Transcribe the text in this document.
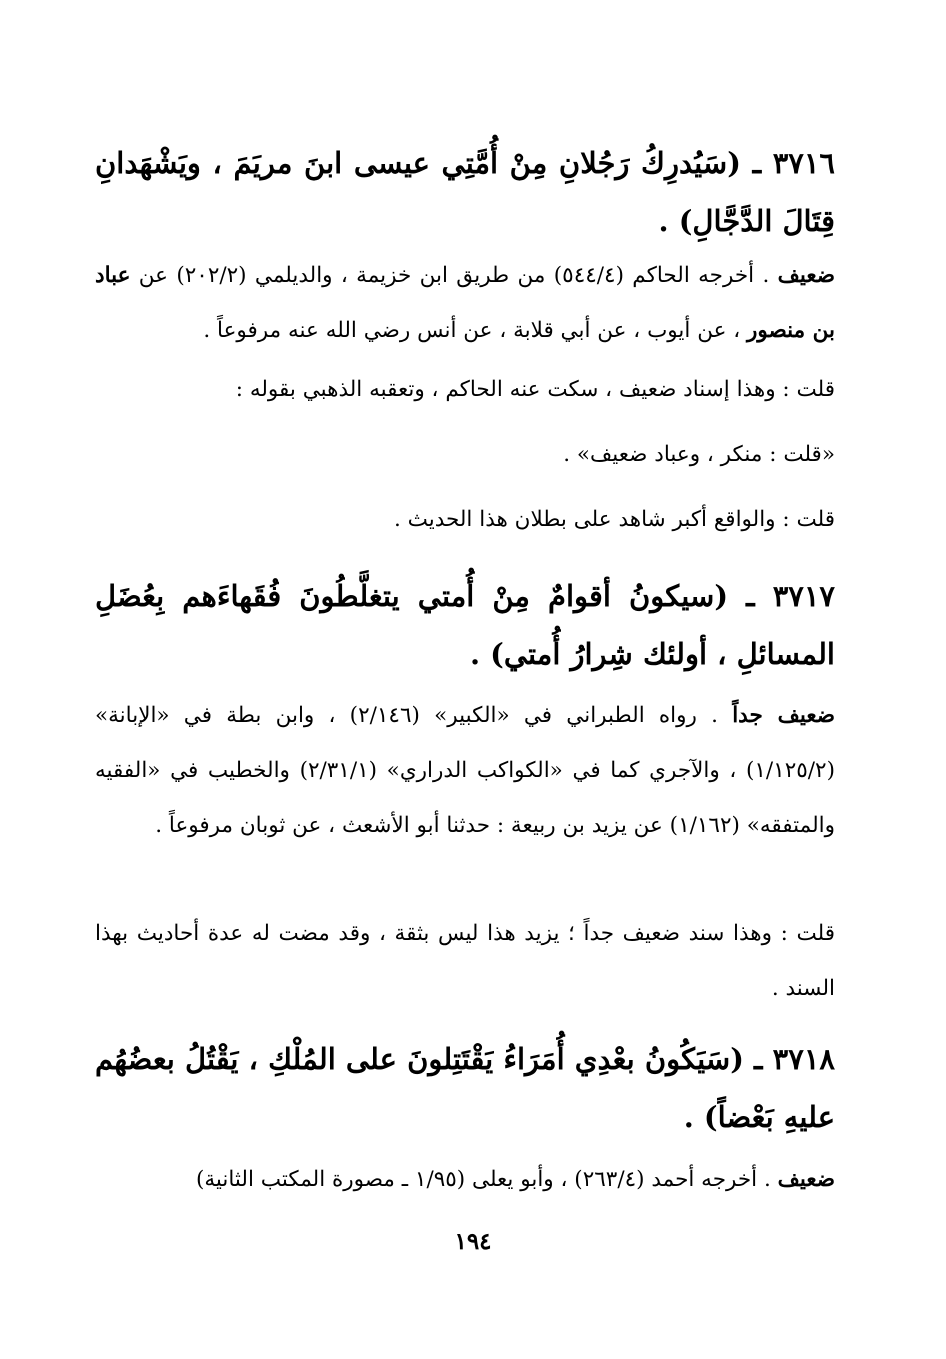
٣٧١٦ ـ (سَيُدرِكُ رَجُلانِ مِنْ أُمَّتِي عيسى ابنَ مريَمَ ، ويَشْهَدانِ قِتَالَ الدَّجَّالِ) .
ضعيف . أخرجه الحاكم (٥٤٤/٤) من طريق ابن خزيمة ، والديلمي (٢٠٢/٢) عن عباد بن منصور ، عن أيوب ، عن أبي قلابة ، عن أنس رضي الله عنه مرفوعاً .
قلت : وهذا إسناد ضعيف ، سكت عنه الحاكم ، وتعقبه الذهبي بقوله :
«قلت : منكر ، وعباد ضعيف» .
قلت : والواقع أكبر شاهد على بطلان هذا الحديث .
٣٧١٧ ـ (سيكونُ أقوامٌ مِنْ أُمتي يتغلَّطُونَ فُقَهاءَهم بِعُضَلِ المسائلِ ، أولئك شِرارُ أُمتي) .
ضعيف جداً . رواه الطبراني في «الكبير» (٢/١٤٦) ، وابن بطة في «الإبانة» (١/١٢٥/٢) ، والآجري كما في «الكواكب الدراري» (٢/٣١/١) والخطيب في «الفقيه والمتفقه» (١/١٦٢) عن يزيد بن ربيعة : حدثنا أبو الأشعث ، عن ثوبان مرفوعاً .
قلت : وهذا سند ضعيف جداً ؛ يزيد هذا ليس بثقة ، وقد مضت له عدة أحاديث بهذا السند .
٣٧١٨ ـ (سَيَكُونُ بعْدِي أُمَرَاءُ يَقْتَتِلونَ على المُلْكِ ، يَقْتُلُ بعضُهُم عليهِ بَعْضاً) .
ضعيف . أخرجه أحمد (٢٦٣/٤) ، وأبو يعلى (١/٩٥ ـ مصورة المكتب الثانية)
١٩٤
